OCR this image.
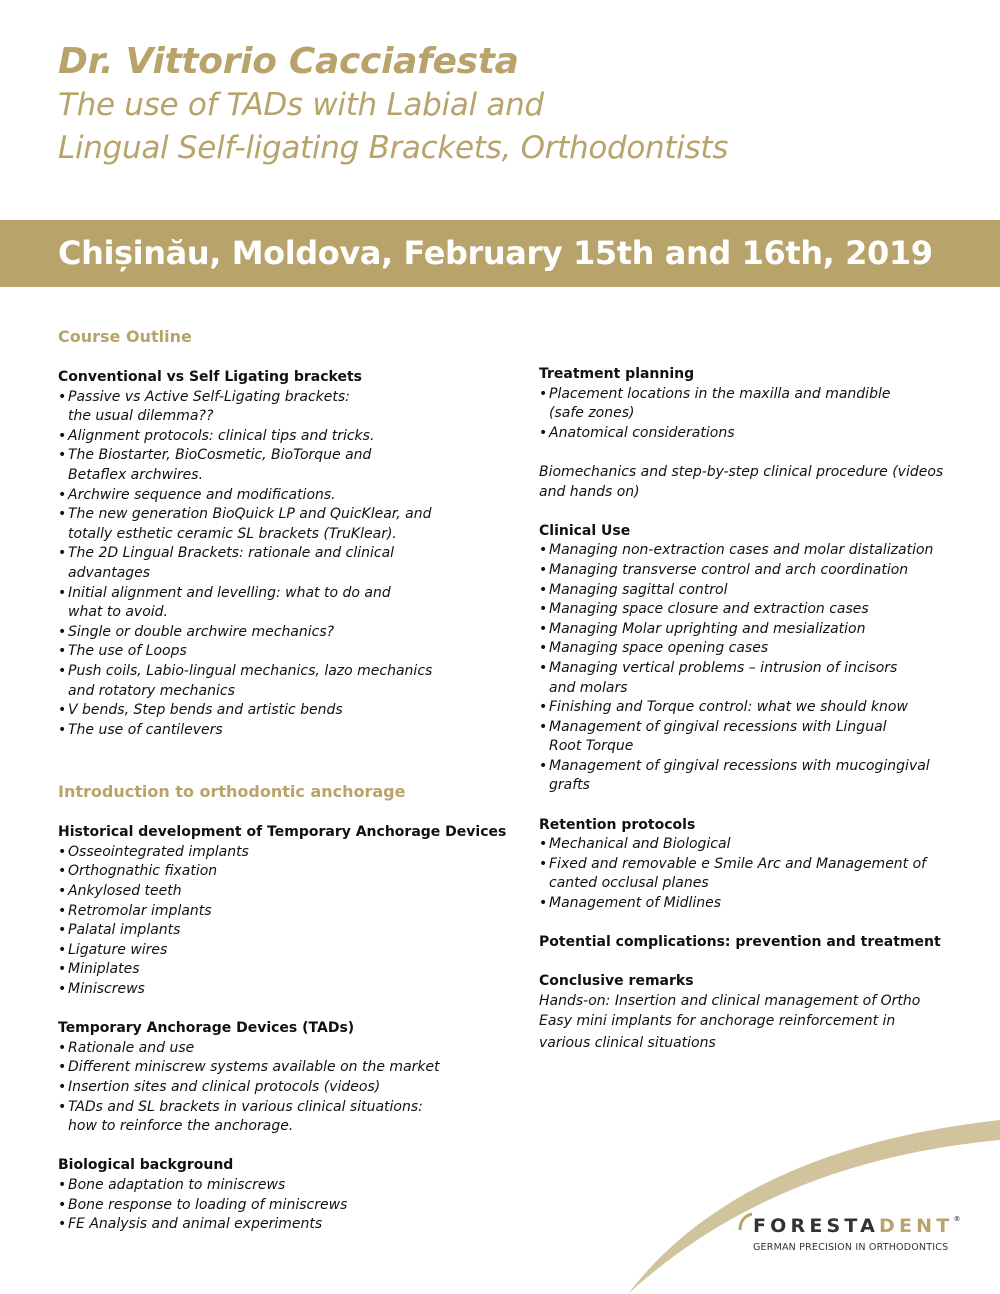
Dr. Vittorio Cacciafesta
The use of TADs with Labial and
Lingual Self-ligating Brackets, Orthodontists
Chișinău, Moldova, February 15th and 16th, 2019
Course Outline
Conventional vs Self Ligating brackets
• Passive vs Active Self-Ligating brackets:
the usual dilemma??
• Alignment protocols: clinical tips and tricks.
• The Biostarter, BioCosmetic, BioTorque and
Betaflex archwires.
• Archwire sequence and modifications.
• The new generation BioQuick LP and QuicKlear, and
totally esthetic ceramic SL brackets (TruKlear).
• The 2D Lingual Brackets: rationale and clinical
advantages
• Initial alignment and levelling: what to do and
what to avoid.
• Single or double archwire mechanics?
• The use of Loops
• Push coils, Labio-lingual mechanics, lazo mechanics
and rotatory mechanics
• V bends, Step bends and artistic bends
• The use of cantilevers
Introduction to orthodontic anchorage
Historical development of Temporary Anchorage Devices
• Osseointegrated implants
• Orthognathic fixation
• Ankylosed teeth
• Retromolar implants
• Palatal implants
• Ligature wires
• Miniplates
• Miniscrews
Temporary Anchorage Devices (TADs)
• Rationale and use
• Different miniscrew systems available on the market
• Insertion sites and clinical protocols (videos)
• TADs and SL brackets in various clinical situations:
how to reinforce the anchorage.
Biological background
• Bone adaptation to miniscrews
• Bone response to loading of miniscrews
• FE Analysis and animal experiments
Treatment planning
• Placement locations in the maxilla and mandible
(safe zones)
• Anatomical considerations
Biomechanics and step-by-step clinical procedure (videos
and hands on)
Clinical Use
• Managing non-extraction cases and molar distalization
• Managing transverse control and arch coordination
• Managing sagittal control
• Managing space closure and extraction cases
• Managing Molar uprighting and mesialization
• Managing space opening cases
• Managing vertical problems – intrusion of incisors
and molars
• Finishing and Torque control: what we should know
• Management of gingival recessions with Lingual
Root Torque
• Management of gingival recessions with mucogingival
grafts
Retention protocols
• Mechanical and Biological
• Fixed and removable e Smile Arc and Management of
canted occlusal planes
• Management of Midlines
Potential complications: prevention and treatment
Conclusive remarks
Hands-on: Insertion and clinical management of Ortho
Easy mini implants for anchorage reinforcement in
various clinical situations
FORESTADENT®
GERMAN PRECISION IN ORTHODONTICS
